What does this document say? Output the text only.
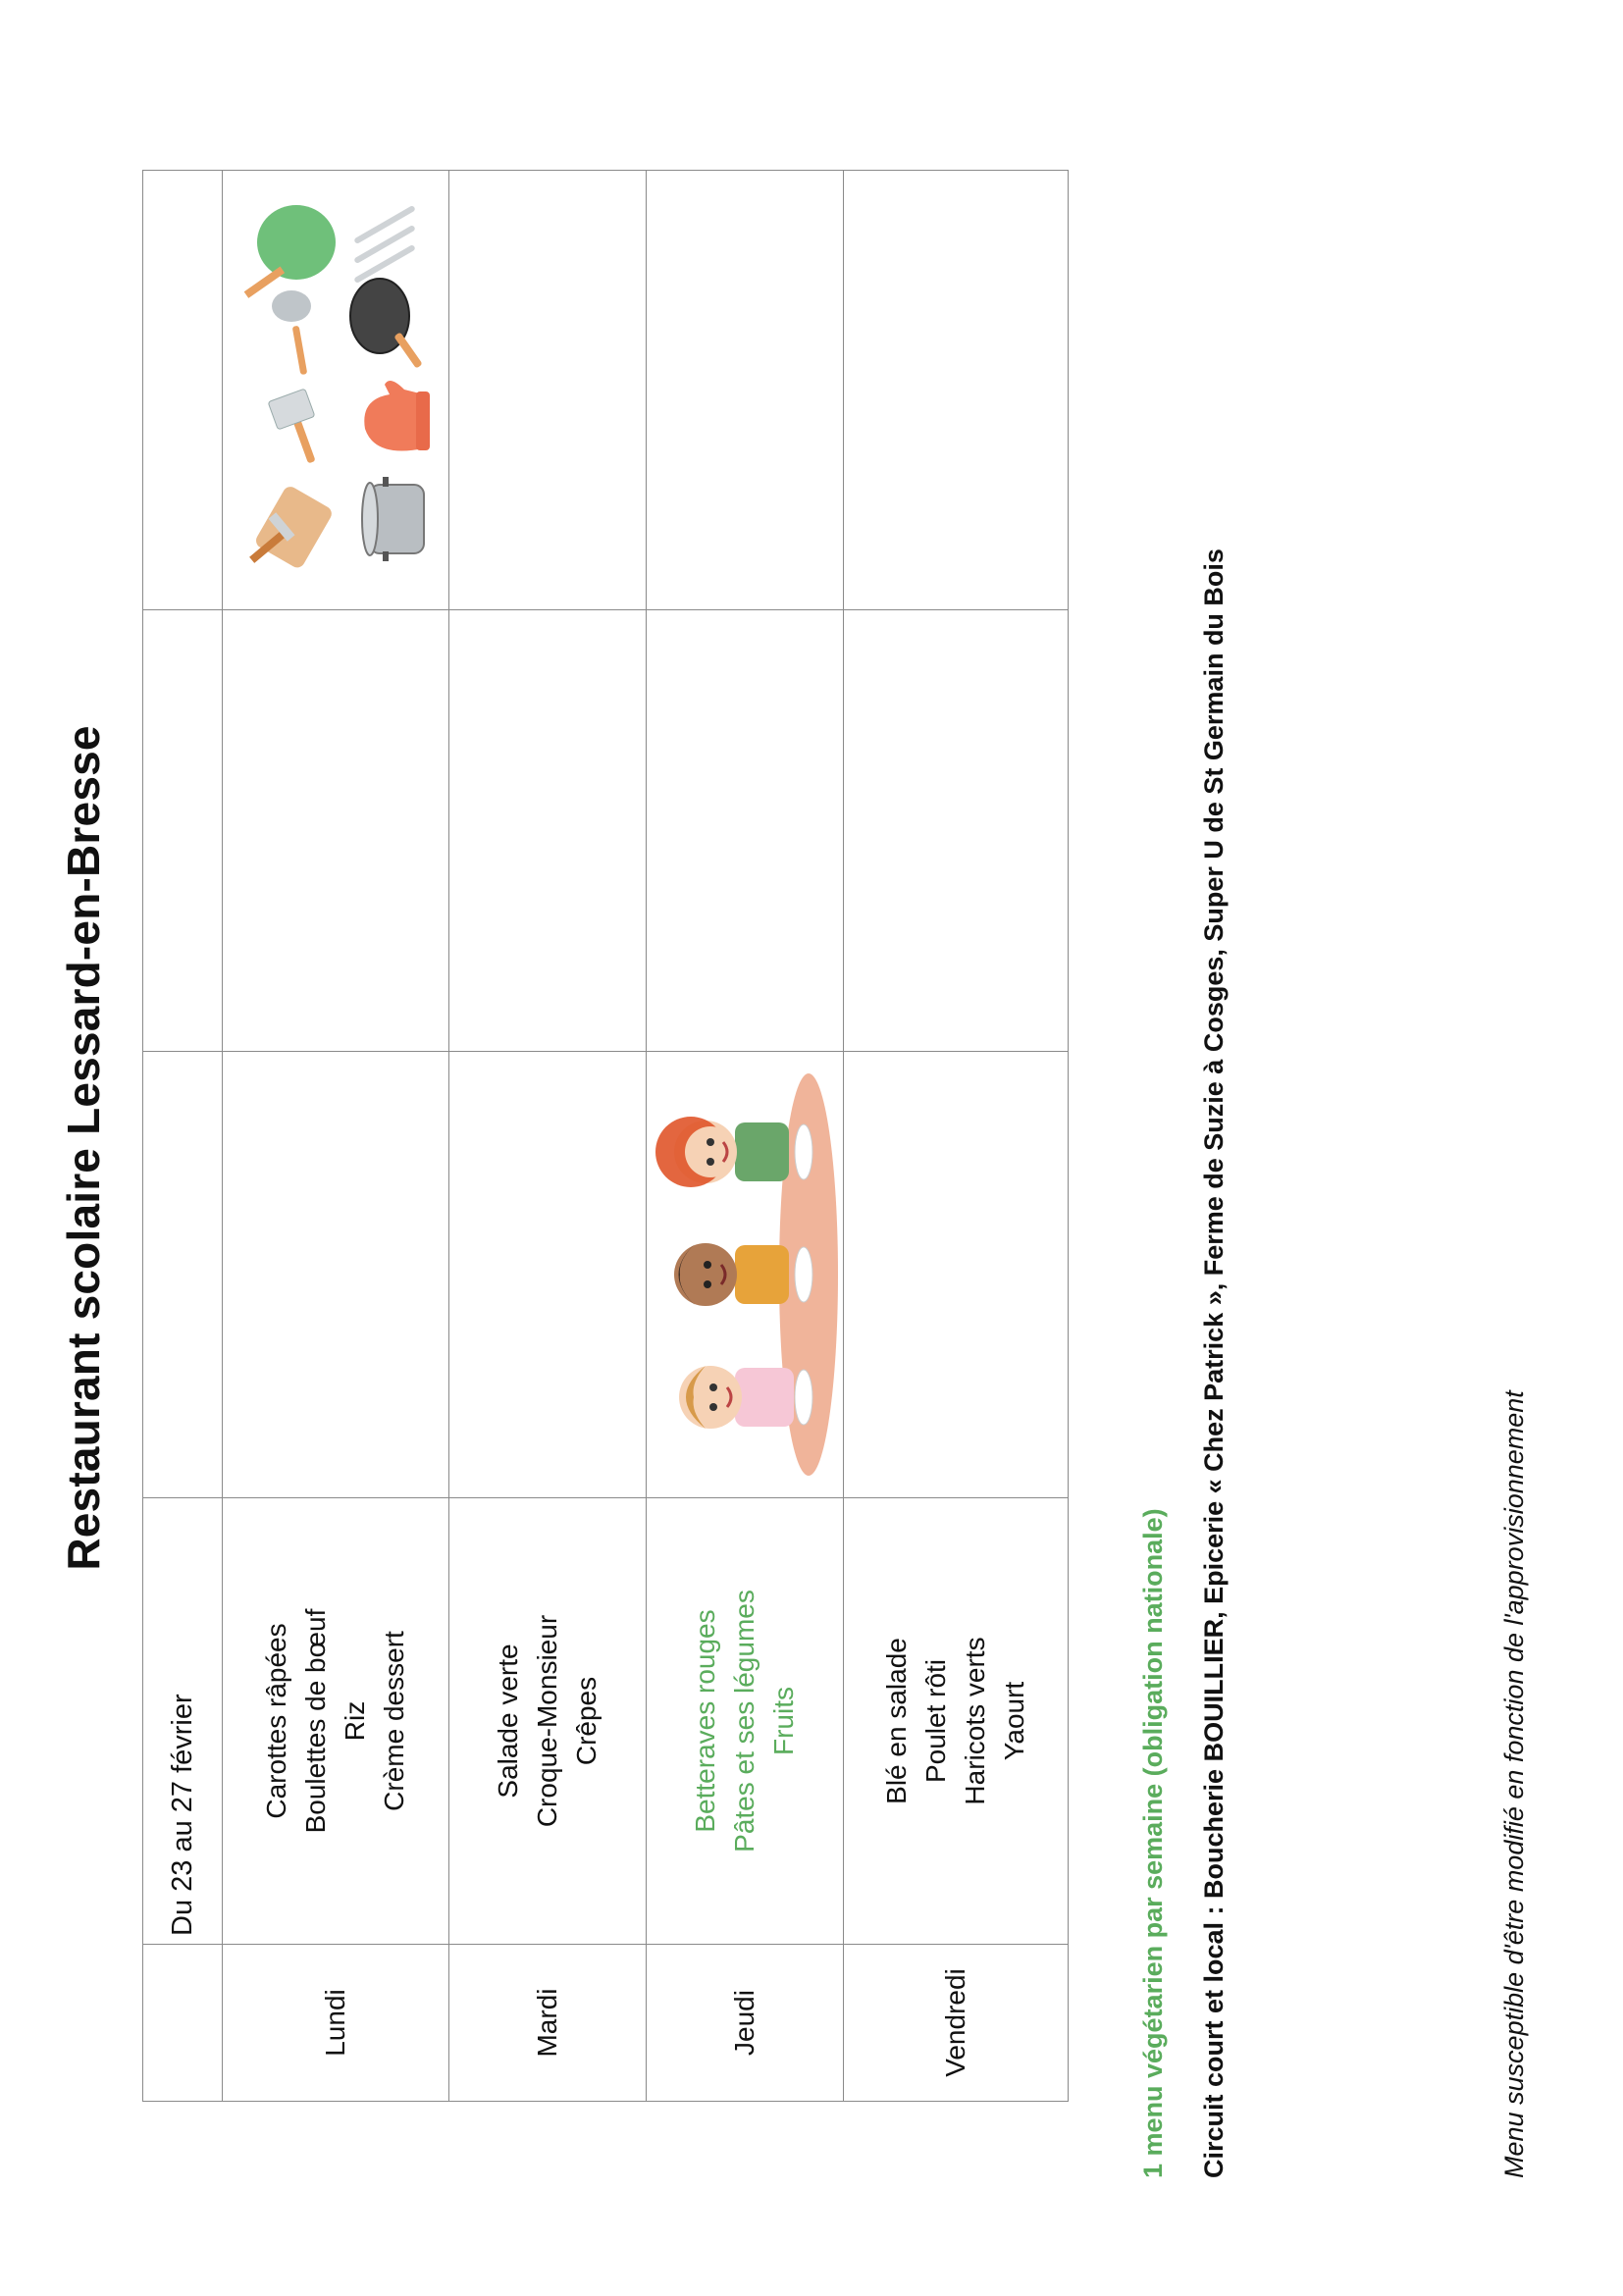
Restaurant scolaire Lessard-en-Bresse
	Du 23 au 27 février			
Lundi	Carottes râpées Boulettes de bœuf Riz Crème dessert

Mardi	Salade verte Croque-Monsieur Crêpes			

Jeudi	Betteraves rouges Pâtes et ses légumes Fruits

Vendredi	Blé en salade Poulet rôti Haricots verts Yaourt			
				1 menu végétarien par semaine (obligation nationale) Circuit court et local : Boucherie BOUILLIER, Epicerie « Chez Patrick », Ferme de Suzie à Cosges, Super U de St Germain du Bois	Menu susceptible d'être modifié en fonction de l'approvisionnement
